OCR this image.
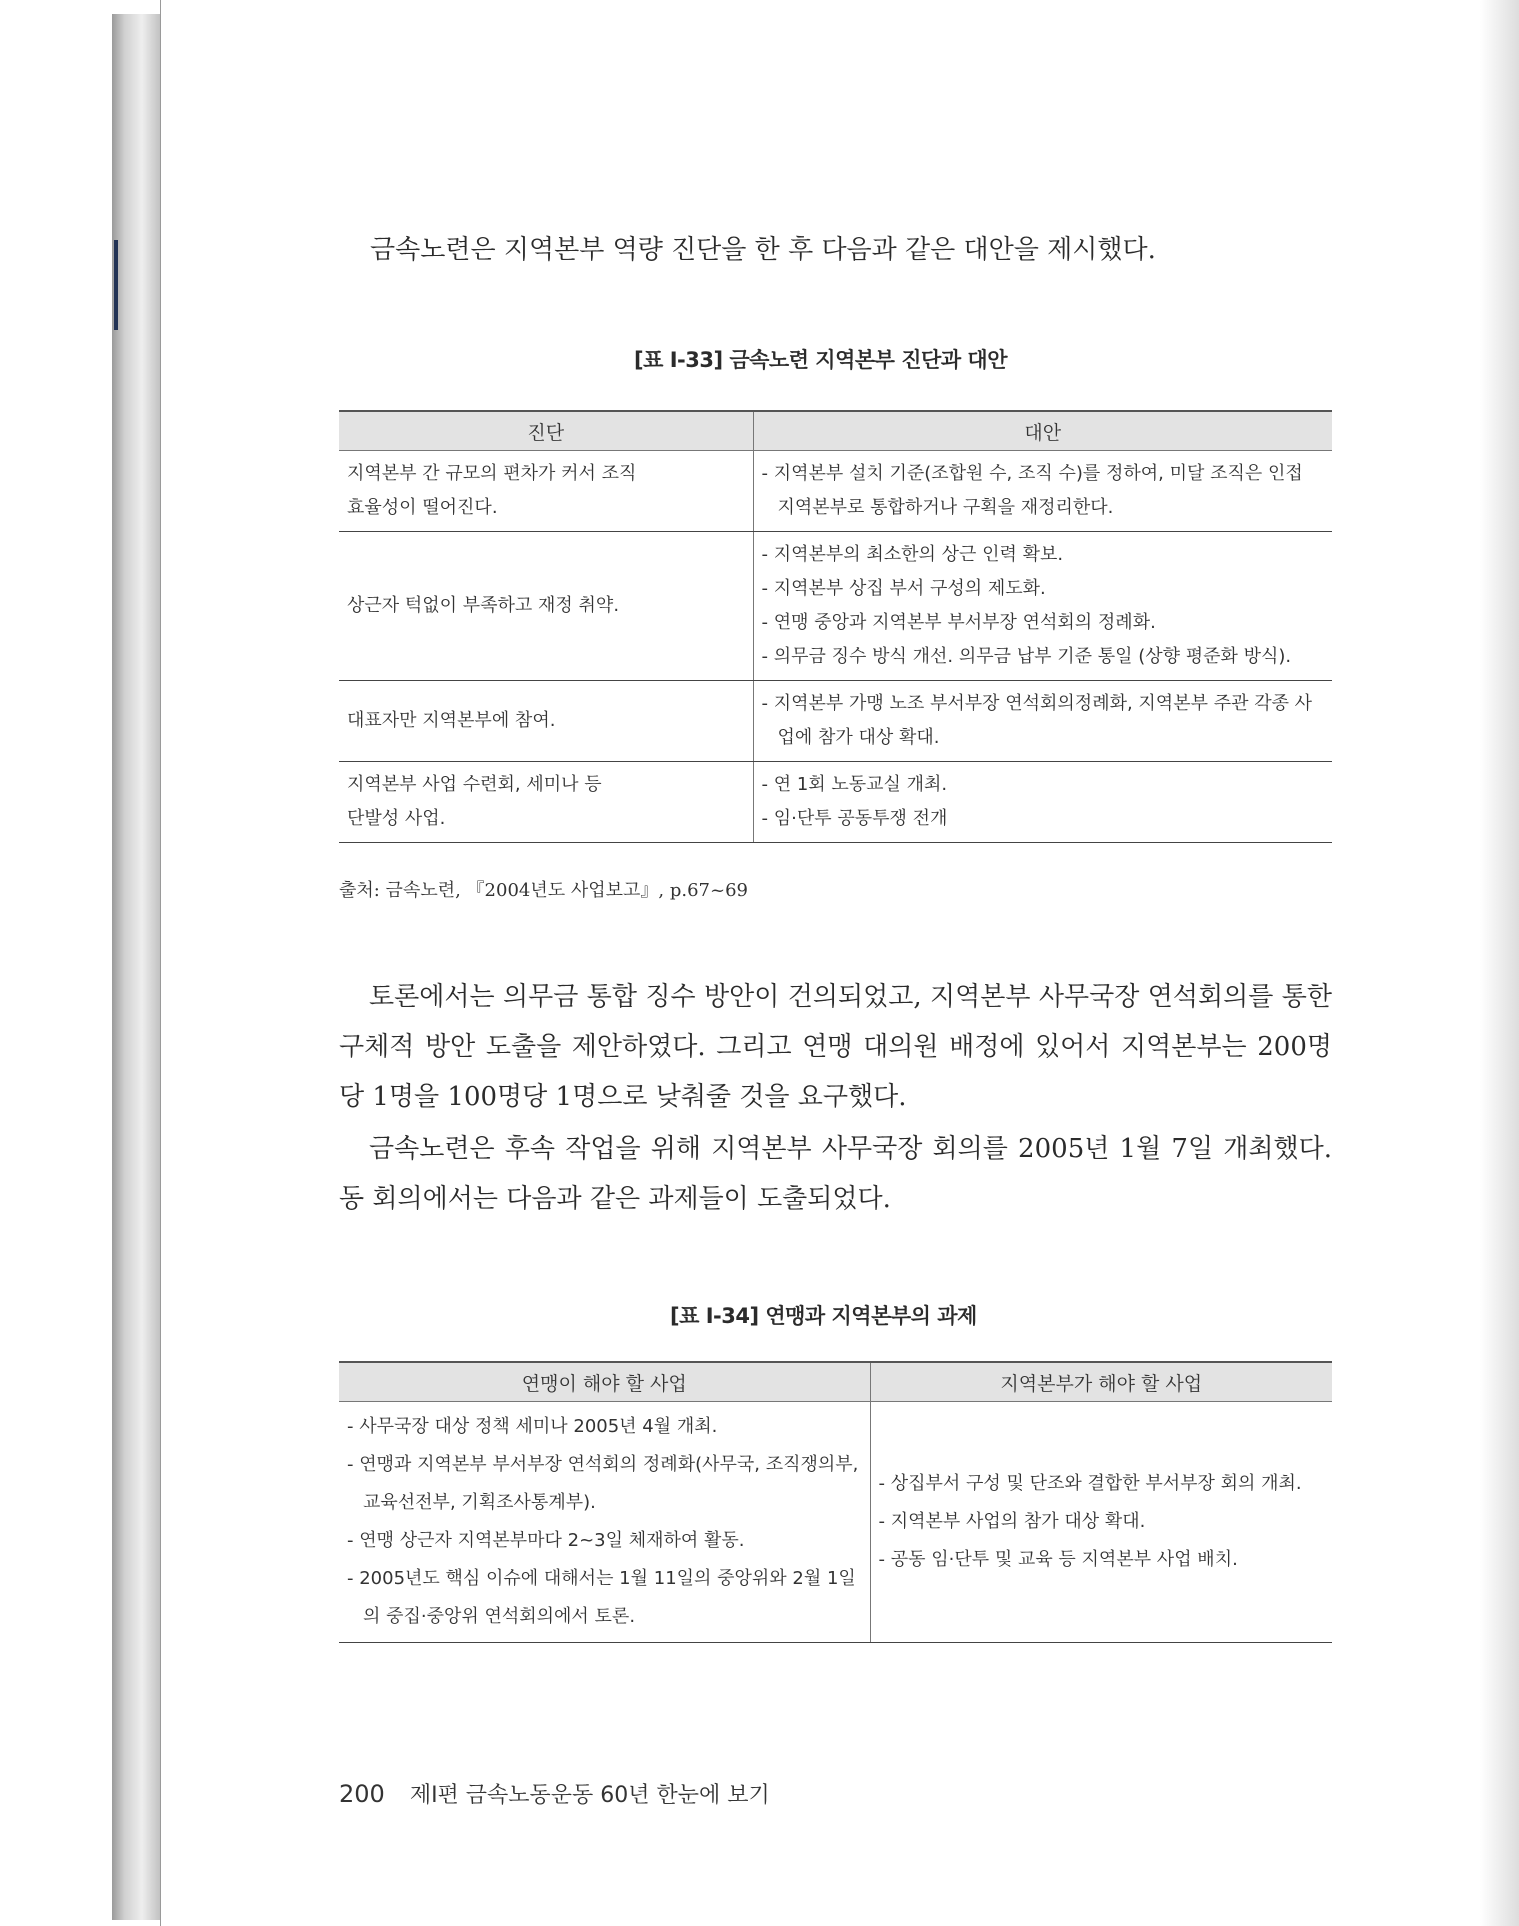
금속노련은 지역본부 역량 진단을 한 후 다음과 같은 대안을 제시했다.

[표 Ⅰ-33] 금속노련 지역본부 진단과 대안
진단	대안

지역본부 간 규모의 편차가 커서 조직
효율성이 떨어진다.	- 지역본부 설치 기준(조합원 수, 조직 수)를 정하여, 미달 조직은 인접 지역본부로 통합하거나 구획을 재정리한다.

상근자 턱없이 부족하고 재정 취약.	- 지역본부의 최소한의 상근 인력 확보.
- 지역본부 상집 부서 구성의 제도화.
- 연맹 중앙과 지역본부 부서부장 연석회의 정례화.
- 의무금 징수 방식 개선. 의무금 납부 기준 통일 (상향 평준화 방식).

대표자만 지역본부에 참여.	- 지역본부 가맹 노조 부서부장 연석회의정례화, 지역본부 주관 각종 사업에 참가 대상 확대.

지역본부 사업 수련회, 세미나 등
단발성 사업.	- 연 1회 노동교실 개최.
- 임·단투 공동투쟁 전개
출처: 금속노련, 『2004년도 사업보고』, p.67~69

토론에서는 의무금 통합 징수 방안이 건의되었고, 지역본부 사무국장 연석회의를 통한 구체적 방안 도출을 제안하였다. 그리고 연맹 대의원 배정에 있어서 지역본부는 200명 당 1명을 100명당 1명으로 낮춰줄 것을 요구했다.

금속노련은 후속 작업을 위해 지역본부 사무국장 회의를 2005년 1월 7일 개최했다. 동 회의에서는 다음과 같은 과제들이 도출되었다.

[표 Ⅰ-34] 연맹과 지역본부의 과제
연맹이 해야 할 사업	지역본부가 해야 할 사업

- 사무국장 대상 정책 세미나 2005년 4월 개최.
- 연맹과 지역본부 부서부장 연석회의 정례화(사무국, 조직쟁의부, 교육선전부, 기획조사통계부).
- 연맹 상근자 지역본부마다 2~3일 체재하여 활동.
- 2005년도 핵심 이슈에 대해서는 1월 11일의 중앙위와 2월 1일의 중집·중앙위 연석회의에서 토론.	- 상집부서 구성 및 단조와 결합한 부서부장 회의 개최.
- 지역본부 사업의 참가 대상 확대.
- 공동 임·단투 및 교육 등 지역본부 사업 배치.
200 제Ⅰ편 금속노동운동 60년 한눈에 보기
